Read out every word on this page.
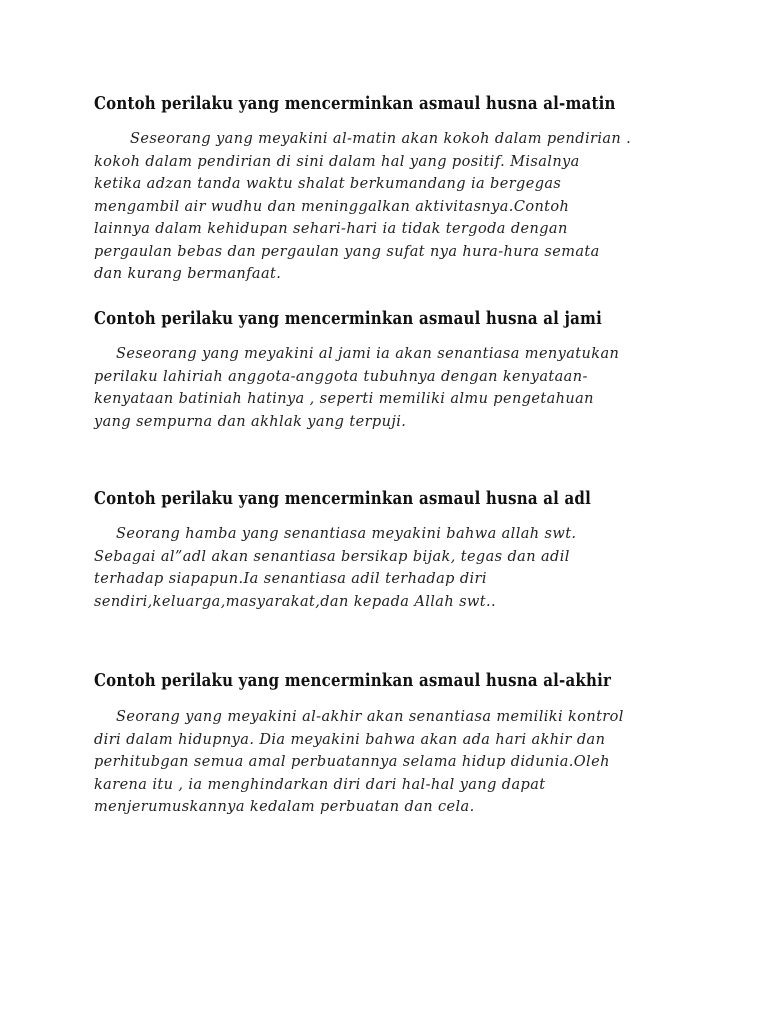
Contoh perilaku yang mencerminkan asmaul husna al-matin
Seseorang yang meyakini al-matin akan kokoh dalam pendirian .
kokoh dalam pendirian di sini dalam hal yang positif. Misalnya
ketika adzan tanda waktu shalat berkumandang ia bergegas
mengambil air wudhu dan meninggalkan aktivitasnya.Contoh
lainnya dalam kehidupan sehari-hari ia tidak tergoda dengan
pergaulan bebas dan pergaulan yang sufat nya hura-hura semata
dan kurang bermanfaat.
Contoh perilaku yang mencerminkan asmaul husna al jami
Seseorang yang meyakini al jami ia akan senantiasa menyatukan
perilaku lahiriah anggota-anggota tubuhnya dengan kenyataan-
kenyataan batiniah hatinya , seperti memiliki almu pengetahuan
yang sempurna dan akhlak yang terpuji.
Contoh perilaku yang mencerminkan asmaul husna al adl
Seorang hamba yang senantiasa meyakini bahwa allah swt.
Sebagai al”adl akan senantiasa bersikap bijak, tegas dan adil
terhadap siapapun.Ia senantiasa adil terhadap diri
sendiri,keluarga,masyarakat,dan kepada Allah swt..
Contoh perilaku yang mencerminkan asmaul husna al-akhir
Seorang yang meyakini al-akhir akan senantiasa memiliki kontrol
diri dalam hidupnya. Dia meyakini bahwa akan ada hari akhir dan
perhitubgan semua amal perbuatannya selama hidup didunia.Oleh
karena itu , ia menghindarkan diri dari hal-hal yang dapat
menjerumuskannya kedalam perbuatan dan cela.
